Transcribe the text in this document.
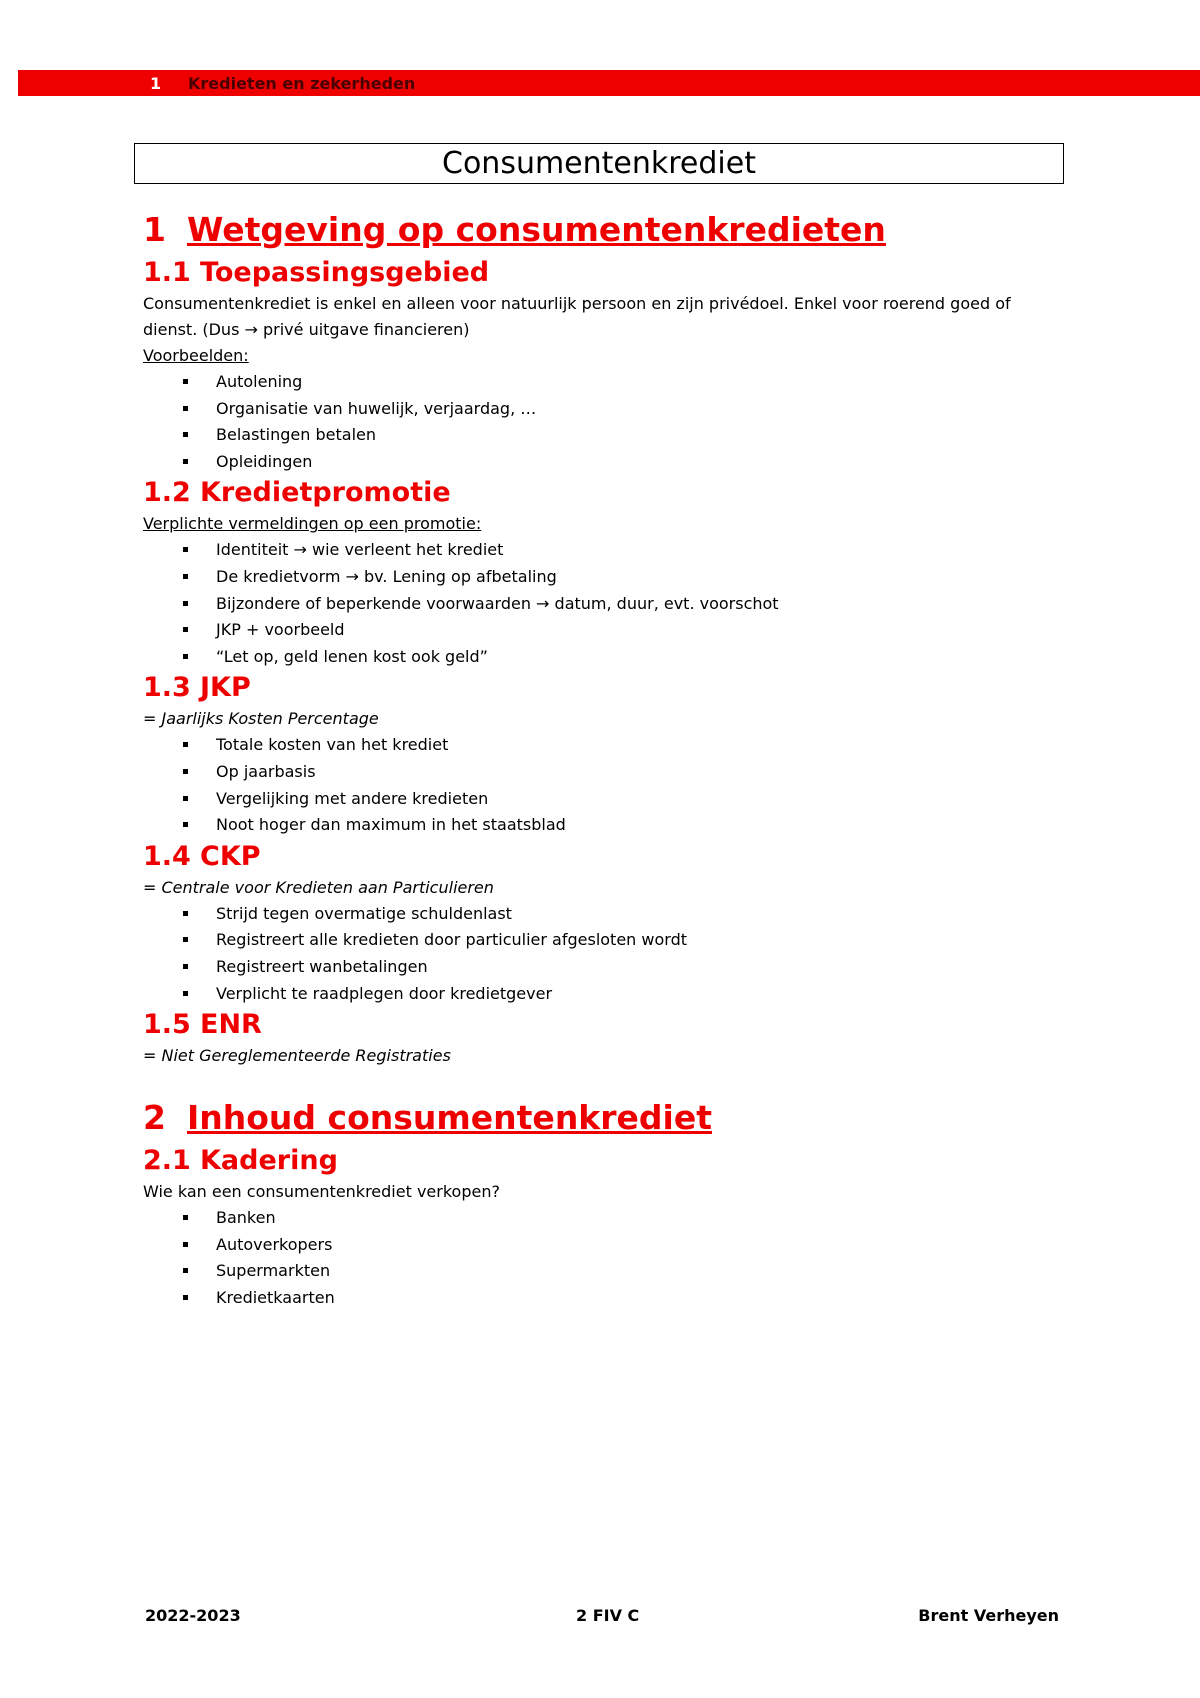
1 Kredieten en zekerheden
Consumentenkrediet
1 Wetgeving op consumentenkredieten
1.1 Toepassingsgebied

Consumentenkrediet is enkel en alleen voor natuurlijk persoon en zijn privédoel. Enkel voor roerend goed of

dienst. (Dus → privé uitgave financieren)

Voorbeelden:

Autolening
Organisatie van huwelijk, verjaardag, …
Belastingen betalen
Opleidingen
1.2 Kredietpromotie

Verplichte vermeldingen op een promotie:

Identiteit → wie verleent het krediet
De kredietvorm → bv. Lening op afbetaling
Bijzondere of beperkende voorwaarden → datum, duur, evt. voorschot
JKP + voorbeeld
“Let op, geld lenen kost ook geld”
1.3 JKP

= Jaarlijks Kosten Percentage

Totale kosten van het krediet
Op jaarbasis
Vergelijking met andere kredieten
Noot hoger dan maximum in het staatsblad
1.4 CKP

= Centrale voor Kredieten aan Particulieren

Strijd tegen overmatige schuldenlast
Registreert alle kredieten door particulier afgesloten wordt
Registreert wanbetalingen
Verplicht te raadplegen door kredietgever
1.5 ENR

= Niet Gereglementeerde Registraties

2 Inhoud consumentenkrediet
2.1 Kadering

Wie kan een consumentenkrediet verkopen?

Banken
Autoverkopers
Supermarkten
Kredietkaarten
2022-2023	2 FIV C	Brent Verheyen
